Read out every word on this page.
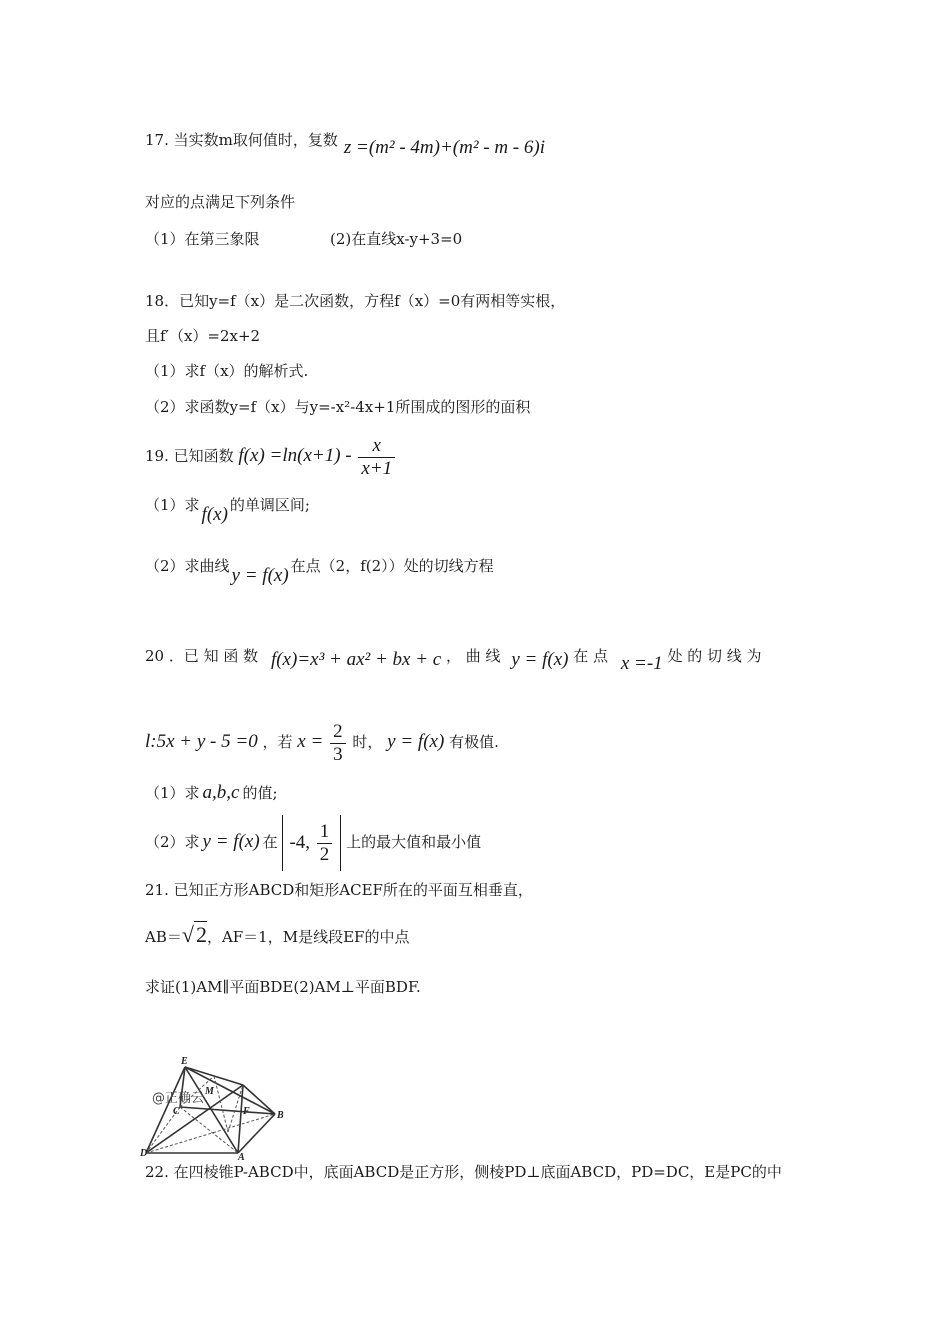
17. 当实数m取何值时，复数 z =(m² - 4m)+(m² - m - 6)i
对应的点满足下列条件
（1）在第三象限	(2)在直线x-y+3=0
18．已知y=f（x）是二次函数，方程f（x）=0有两相等实根，
且f′（x）=2x+2
（1）求f（x）的解析式.
（2）求函数y=f（x）与y=-x²-4x+1所围成的图形的面积
19. 已知函数 $f(x) =\ln(x+1) - \frac{x}{x+1}$
（1）求 f(x) 的单调区间;
（2）求曲线 y = f(x) 在点（2，f(2））处的切线方程
20 ．已 知 函 数 f(x)=x³ + ax² + bx + c ， 曲 线 y = f(x) 在 点 x =-1 处 的 切 线 为
l:5x + y - 5 =0 ，若 $x = \frac{2}{3}$ 时， y = f(x) 有极值.
（1）求 a,b,c 的值;
（2）求 y = f(x) 在 -4, $\frac{1}{2}$ 上的最大值和最小值
21. 已知正方形ABCD和矩形ACEF所在的平面互相垂直，
AB＝√2，AF＝1，M是线段EF的中点
求证(1)AM∥平面BDE(2)AM⊥平面BDF.
@正确云
E
M
F	B
C
D	A
22. 在四棱锥P-ABCD中，底面ABCD是正方形，侧棱PD⊥底面ABCD，PD=DC，E是PC的中
